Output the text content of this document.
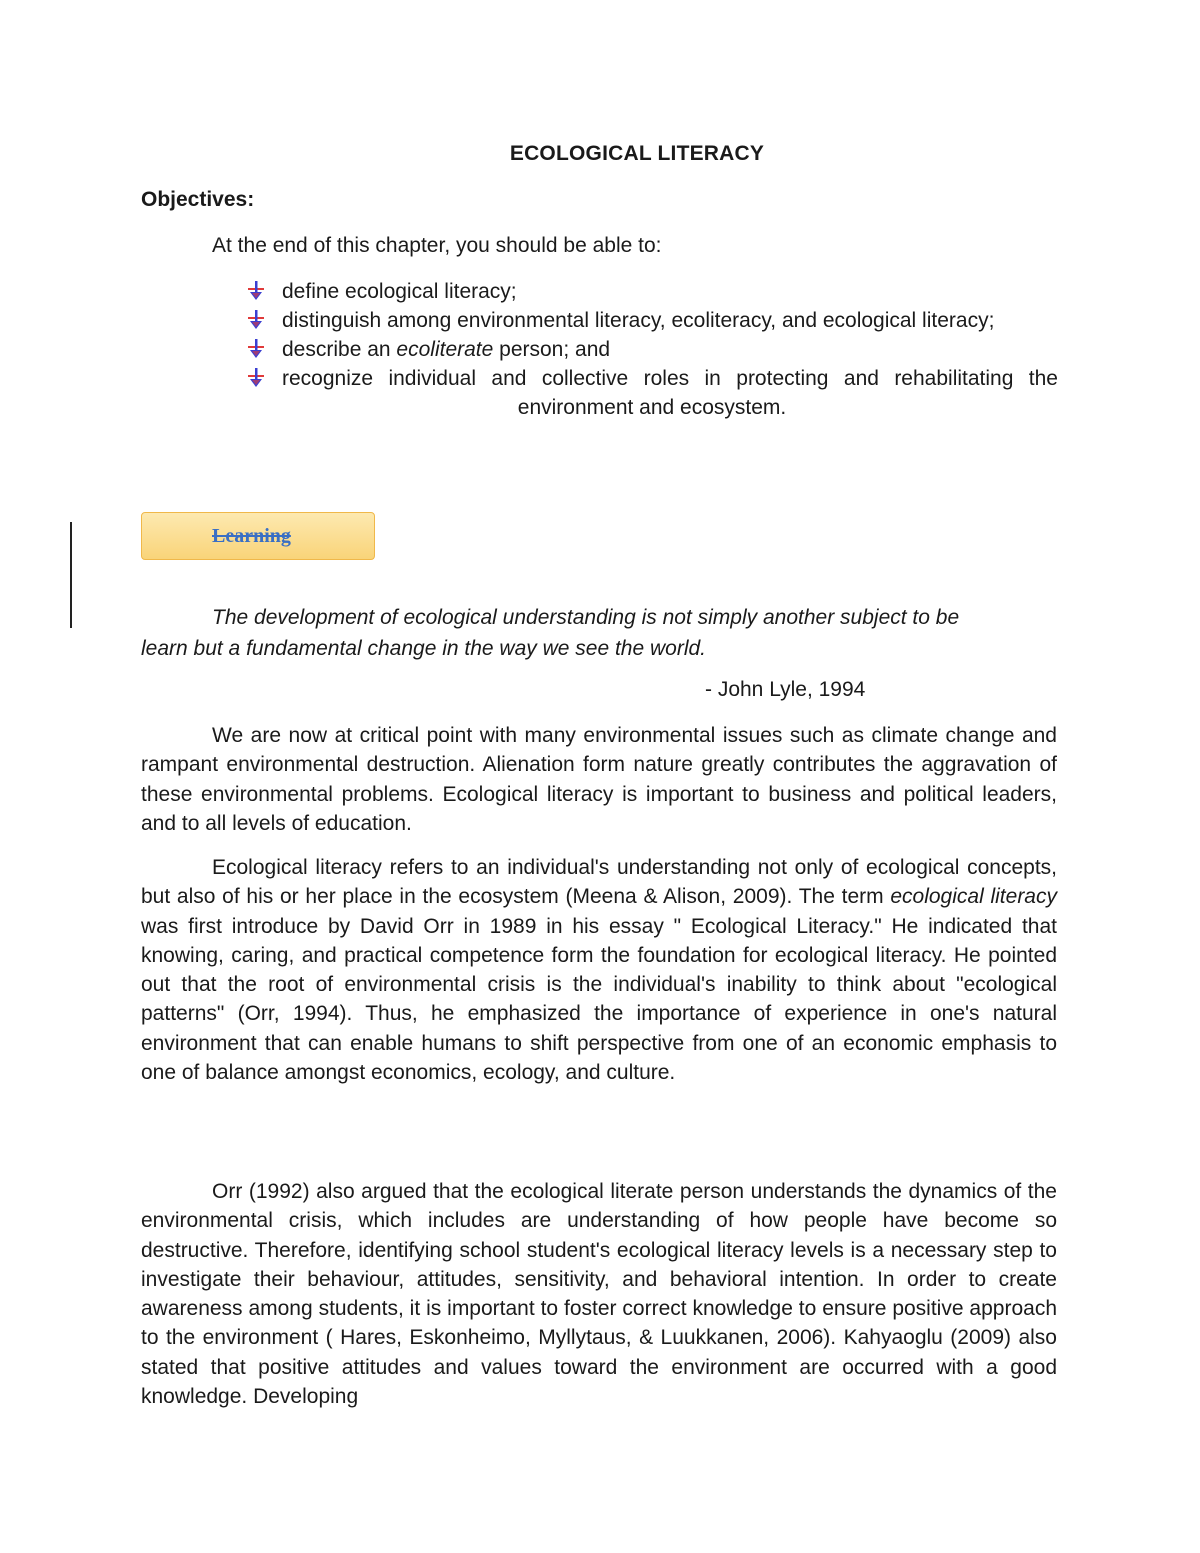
ECOLOGICAL LITERACY
Objectives:
At the end of this chapter, you should be able to:
define ecological literacy;
distinguish among environmental literacy, ecoliteracy, and ecological literacy;
describe an ecoliterate person; and
recognize individual and collective roles in protecting and rehabilitating the
environment and ecosystem.
Learning
The development of ecological understanding is not simply another subject to be
learn but a fundamental change in the way we see the world.
- John Lyle, 1994
We are now at critical point with many environmental issues such as climate change and rampant environmental destruction. Alienation form nature greatly contributes the aggravation of these environmental problems. Ecological literacy is important to business and political leaders, and to all levels of education.
Ecological literacy refers to an individual's understanding not only of ecological concepts, but also of his or her place in the ecosystem (Meena & Alison, 2009). The term ecological literacy was first introduce by David Orr in 1989 in his essay " Ecological Literacy." He indicated that knowing, caring, and practical competence form the foundation for ecological literacy. He pointed out that the root of environmental crisis is the individual's inability to think about "ecological patterns" (Orr, 1994). Thus, he emphasized the importance of experience in one's natural environment that can enable humans to shift perspective from one of an economic emphasis to one of balance amongst economics, ecology, and culture.
Orr (1992) also argued that the ecological literate person understands the dynamics of the environmental crisis, which includes are understanding of how people have become so destructive. Therefore, identifying school student's ecological literacy levels is a necessary step to investigate their behaviour, attitudes, sensitivity, and behavioral intention. In order to create awareness among students, it is important to foster correct knowledge to ensure positive approach to the environment ( Hares, Eskonheimo, Myllytaus, & Luukkanen, 2006). Kahyaoglu (2009) also stated that positive attitudes and values toward the environment are occurred with a good knowledge. Developing
